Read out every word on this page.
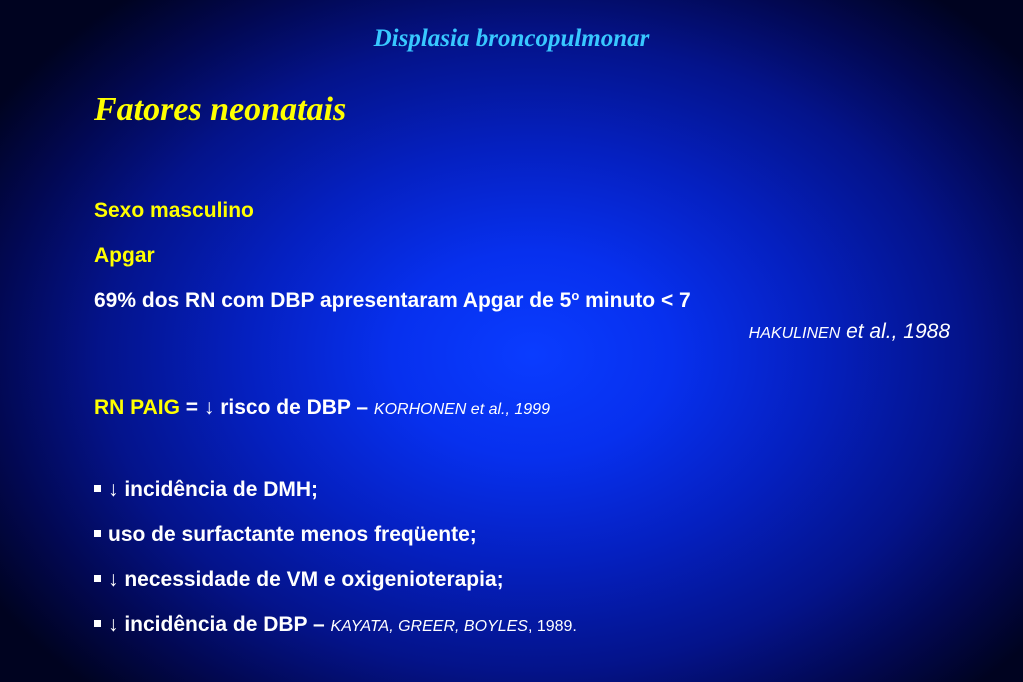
Displasia broncopulmonar
Fatores neonatais
Sexo masculino
Apgar
69% dos RN com DBP apresentaram Apgar de 5$^o$ minuto < 7
HAKULINEN et al., 1988
RN PAIG = ↓ risco de DBP – KORHONEN et al., 1999
↓ incidência de DMH;
uso de surfactante menos freqüente;
↓ necessidade de VM e oxigenioterapia;
↓ incidência de DBP – KAYATA, GREER, BOYLES, 1989.
